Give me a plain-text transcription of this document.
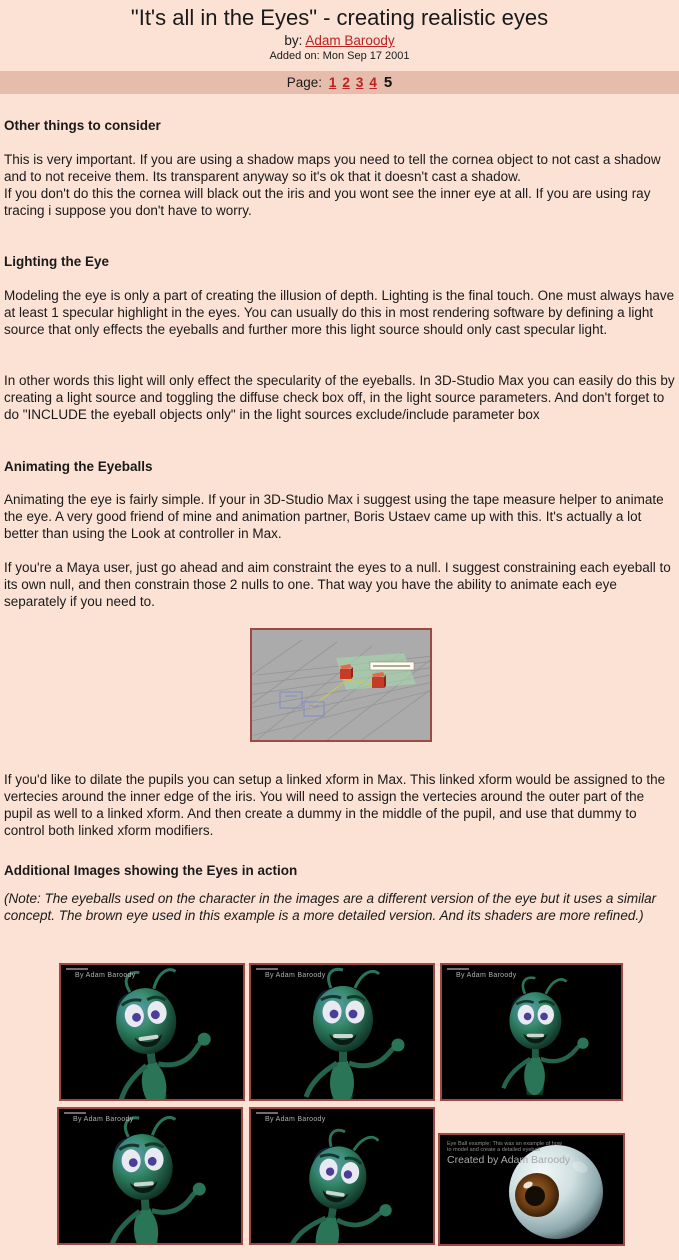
"It's all in the Eyes" - creating realistic eyes
by: Adam Baroody
Added on: Mon Sep 17 2001
Page: 1 2 3 4 5
Other things to consider
This is very important. If you are using a shadow maps you need to tell the cornea object to not cast a shadow and to not receive them. Its transparent anyway so it's ok that it doesn't cast a shadow.
If you don't do this the cornea will black out the iris and you wont see the inner eye at all. If you are using ray tracing i suppose you don't have to worry.
Lighting the Eye
Modeling the eye is only a part of creating the illusion of depth. Lighting is the final touch. One must always have at least 1 specular highlight in the eyes. You can usually do this in most rendering software by defining a light source that only effects the eyeballs and further more this light source should only cast specular light.
In other words this light will only effect the specularity of the eyeballs. In 3D-Studio Max you can easily do this by creating a light source and toggling the diffuse check box off, in the light source parameters. And don't forget to do "INCLUDE the eyeball objects only" in the light sources exclude/include parameter box
Animating the Eyeballs
Animating the eye is fairly simple. If your in 3D-Studio Max i suggest using the tape measure helper to animate the eye. A very good friend of mine and animation partner, Boris Ustaev came up with this. It's actually a lot better than using the Look at controller in Max.
If you're a Maya user, just go ahead and aim constraint the eyes to a null. I suggest constraining each eyeball to its own null, and then constrain those 2 nulls to one. That way you have the ability to animate each eye separately if you need to.
If you'd like to dilate the pupils you can setup a linked xform in Max. This linked xform would be assigned to the vertecies around the inner edge of the iris. You will need to assign the vertecies around the outer part of the pupil as well to a linked xform. And then create a dummy in the middle of the pupil, and use that dummy to control both linked xform modifiers.
Additional Images showing the Eyes in action
(Note: The eyeballs used on the character in the images are a different version of the eye but it uses a similar concept. The brown eye used in this example is a more detailed version. And its shaders are more refined.)
By Adam Baroody	By Adam Baroody	By Adam Baroody
By Adam Baroody	By Adam Baroody
Eye Ball example: This was an example of how
to model and create a detailed eyeball
Created by Adam Baroody
